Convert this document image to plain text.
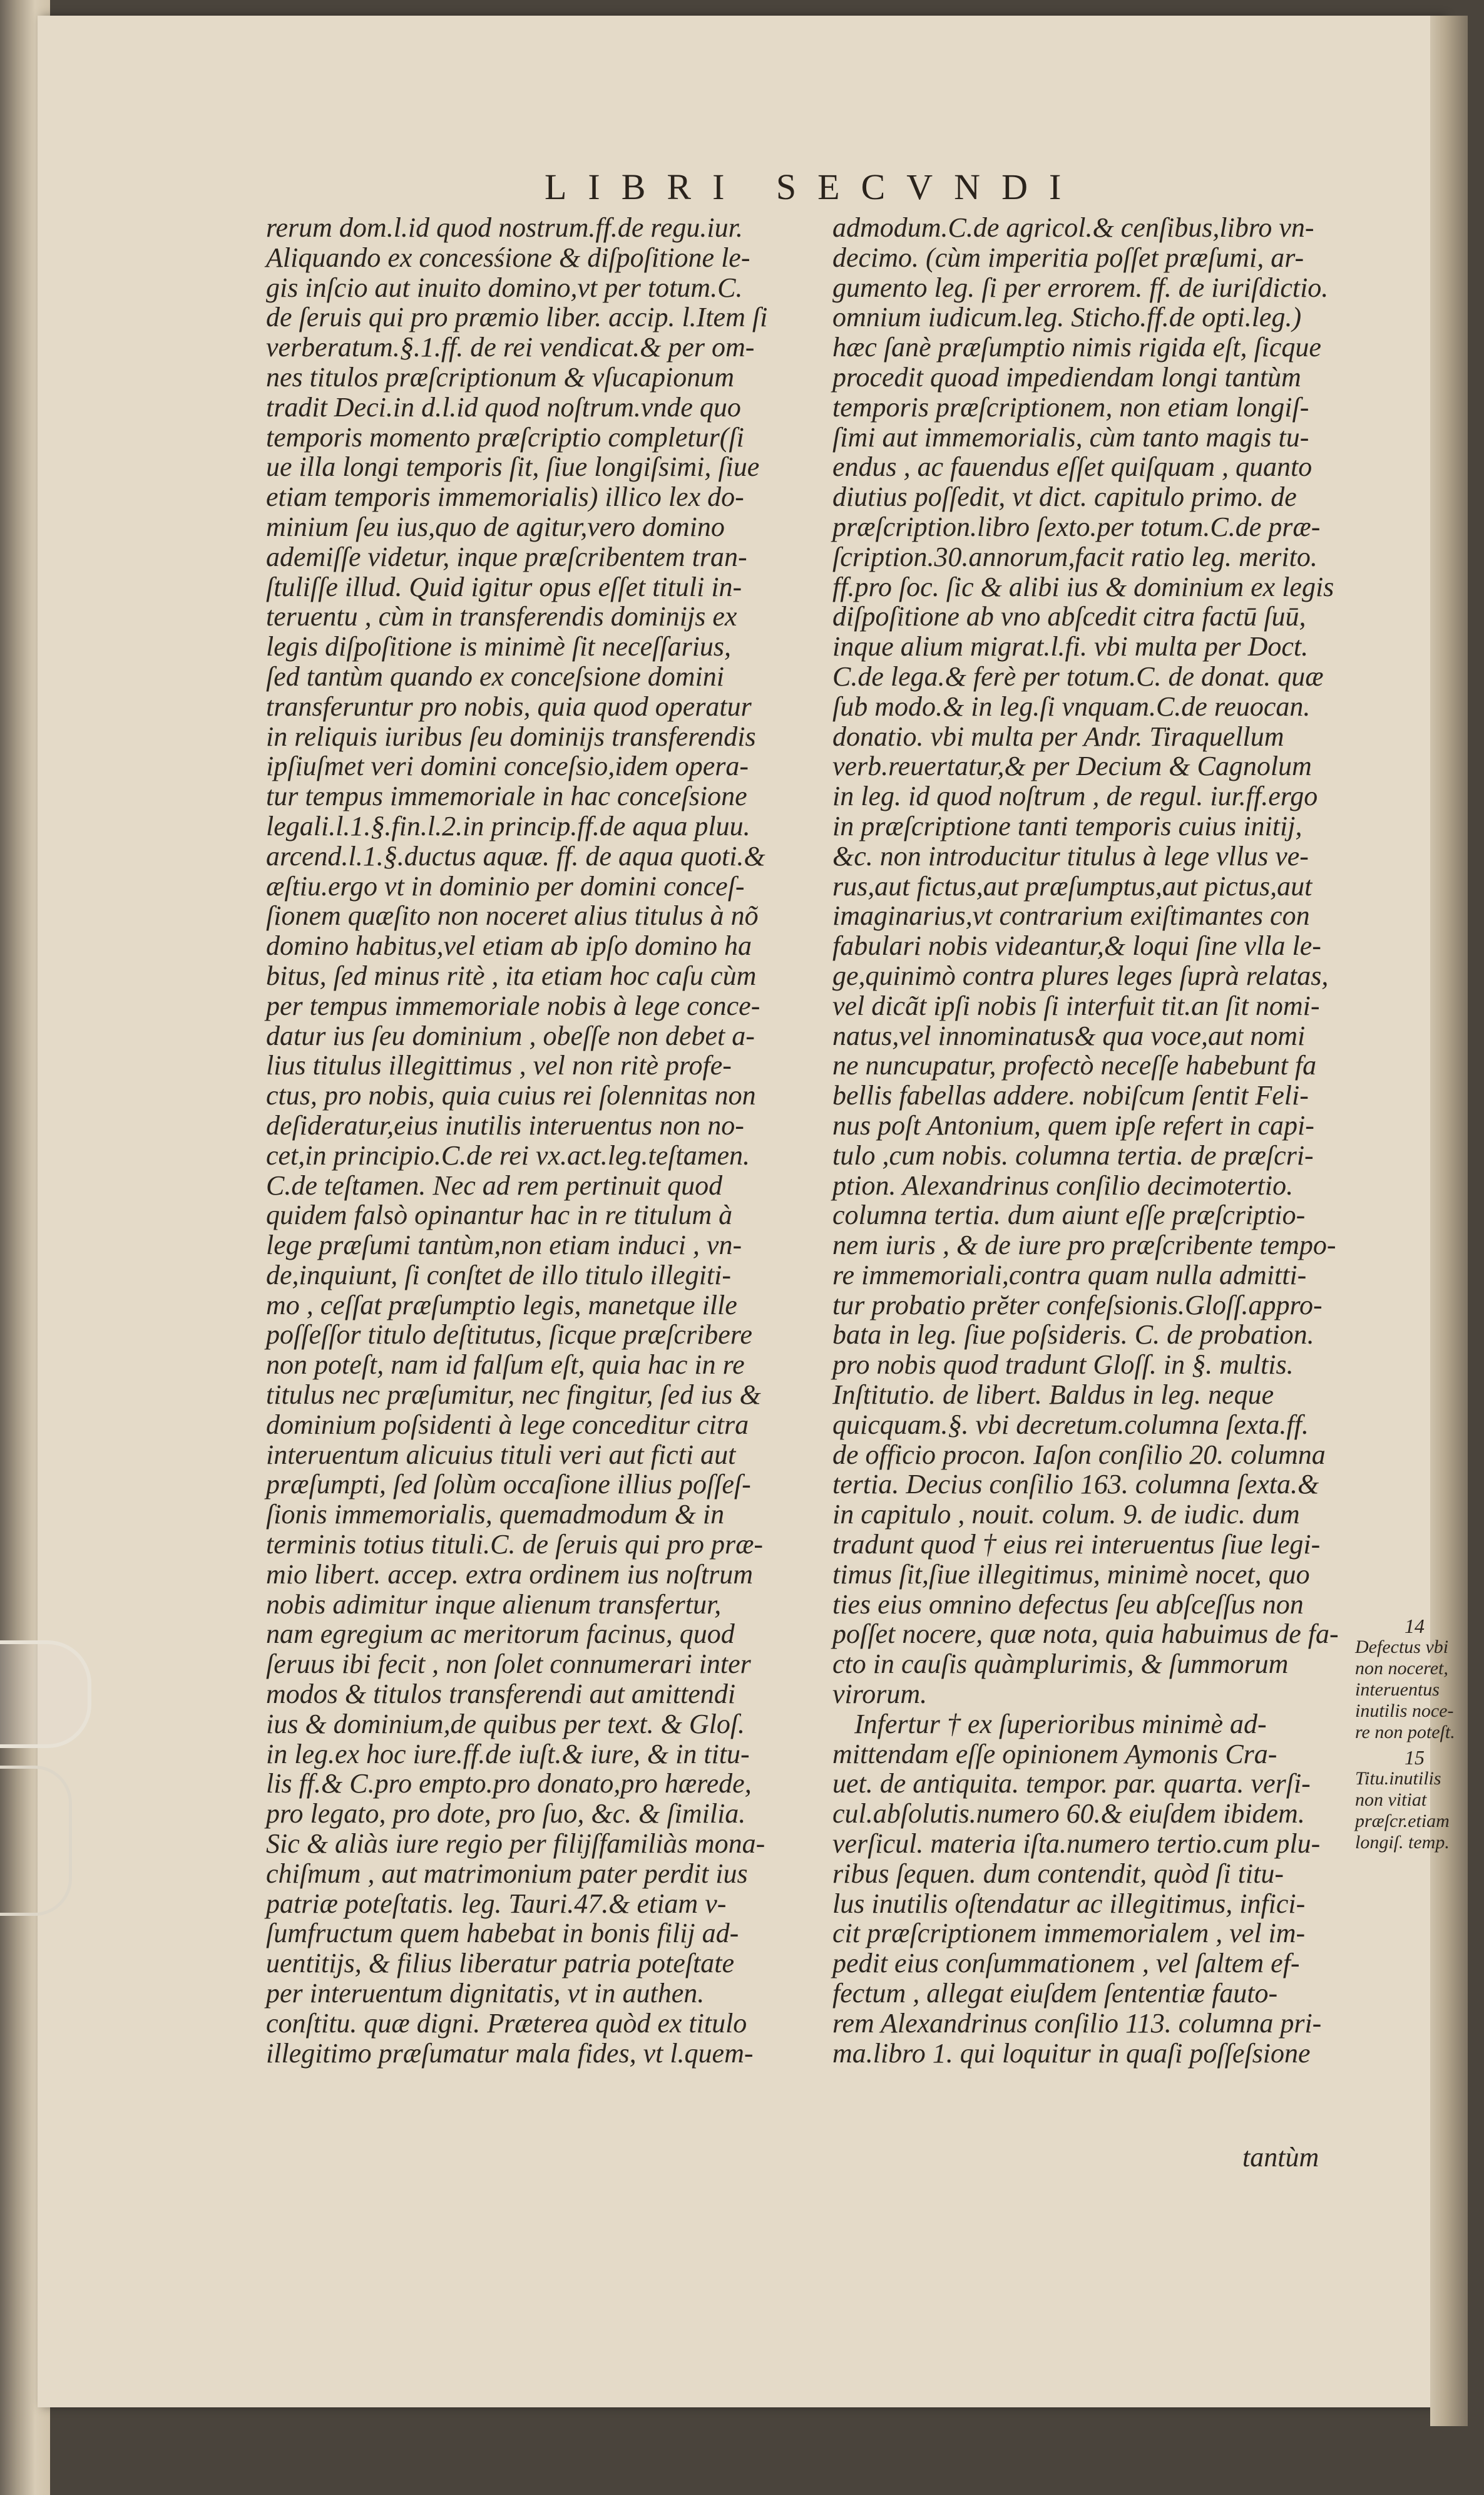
LIBRI SECVNDI
rerum dom.l.id quod nostrum.ff.de regu.iur.
Aliquando ex concesśione & diſpoſitione le-
gis inſcio aut inuito domino,vt per totum.C.
de ſeruis qui pro præmio liber. accip. l.Item ſi
verberatum.§.1.ff. de rei vendicat.& per om-
nes titulos præſcriptionum & vſucapionum
tradit Deci.in d.l.id quod noſtrum.vnde quo
temporis momento præſcriptio completur(ſi
ue illa longi temporis ſit, ſiue longiſsimi, ſiue
etiam temporis immemorialis) illico lex do-
minium ſeu ius,quo de agitur,vero domino
ademiſſe videtur, inque præſcribentem tran-
ſtuliſſe illud. Quid igitur opus eſſet tituli in-
teruentu , cùm in transferendis dominijs ex
legis diſpoſitione is minimè ſit neceſſarius,
ſed tantùm quando ex conceſsione domini
transferuntur pro nobis, quia quod operatur
in reliquis iuribus ſeu dominijs transferendis
ipſiuſmet veri domini conceſsio,idem opera-
tur tempus immemoriale in hac conceſsione
legali.l.1.§.fin.l.2.in princip.ff.de aqua pluu.
arcend.l.1.§.ductus aquæ. ff. de aqua quoti.&
æſtiu.ergo vt in dominio per domini conceſ-
ſionem quæſito non noceret alius titulus à nõ
domino habitus,vel etiam ab ipſo domino ha
bitus, ſed minus ritè , ita etiam hoc caſu cùm
per tempus immemoriale nobis à lege conce-
datur ius ſeu dominium , obeſſe non debet a-
lius titulus illegittimus , vel non ritè profe-
ctus, pro nobis, quia cuius rei ſolennitas non
deſideratur,eius inutilis interuentus non no-
cet,in principio.C.de rei vx.act.leg.teſtamen.
C.de teſtamen. Nec ad rem pertinuit quod
quidem falsò opinantur hac in re titulum à
lege præſumi tantùm,non etiam induci , vn-
de,inquiunt, ſi conſtet de illo titulo illegiti-
mo , ceſſat præſumptio legis, manetque ille
poſſeſſor titulo deſtitutus, ſicque præſcribere
non poteſt, nam id falſum eſt, quia hac in re
titulus nec præſumitur, nec fingitur, ſed ius &
dominium poſsidenti à lege conceditur citra
interuentum alicuius tituli veri aut ficti aut
præſumpti, ſed ſolùm occaſione illius poſſeſ-
ſionis immemorialis, quemadmodum & in
terminis totius tituli.C. de ſeruis qui pro præ-
mio libert. accep. extra ordinem ius noſtrum
nobis adimitur inque alienum transfertur,
nam egregium ac meritorum facinus, quod
ſeruus ibi fecit , non ſolet connumerari inter
modos & titulos transferendi aut amittendi
ius & dominium,de quibus per text. & Gloſ.
in leg.ex hoc iure.ff.de iuſt.& iure, & in titu-
lis ff.& C.pro empto.pro donato,pro hærede,
pro legato, pro dote, pro ſuo, &c. & ſimilia.
Sic & aliàs iure regio per filijſfamiliàs mona-
chiſmum , aut matrimonium pater perdit ius
patriæ poteſtatis. leg. Tauri.47.& etiam v-
ſumfructum quem habebat in bonis filij ad-
uentitijs, & filius liberatur patria poteſtate
per interuentum dignitatis, vt in authen.
conſtitu. quæ digni. Præterea quòd ex titulo
illegitimo præſumatur mala fides, vt l.quem-
admodum.C.de agricol.& cenſibus,libro vn-
decimo. (cùm imperitia poſſet præſumi, ar-
gumento leg. ſi per errorem. ff. de iuriſdictio.
omnium iudicum.leg. Sticho.ff.de opti.leg.)
hæc ſanè præſumptio nimis rigida eſt, ſicque
procedit quoad impediendam longi tantùm
temporis præſcriptionem, non etiam longiſ-
ſimi aut immemorialis, cùm tanto magis tu-
endus , ac fauendus eſſet quiſquam , quanto
diutius poſſedit, vt dict. capitulo primo. de
præſcription.libro ſexto.per totum.C.de præ-
ſcription.30.annorum,facit ratio leg. merito.
ff.pro ſoc. ſic & alibi ius & dominium ex legis
diſpoſitione ab vno abſcedit citra factū ſuū,
inque alium migrat.l.fi. vbi multa per Doct.
C.de lega.& ferè per totum.C. de donat. quæ
ſub modo.& in leg.ſi vnquam.C.de reuocan.
donatio. vbi multa per Andr. Tiraquellum
verb.reuertatur,& per Decium & Cagnolum
in leg. id quod noſtrum , de regul. iur.ff.ergo
in præſcriptione tanti temporis cuius initij,
&c. non introducitur titulus à lege vllus ve-
rus,aut fictus,aut præſumptus,aut pictus,aut
imaginarius,vt contrarium exiſtimantes con
fabulari nobis videantur,& loqui ſine vlla le-
ge,quinimò contra plures leges ſuprà relatas,
vel dicãt ipſi nobis ſi interfuit tit.an ſit nomi-
natus,vel innominatus& qua voce,aut nomi
ne nuncupatur, profectò neceſſe habebunt fa
bellis fabellas addere. nobiſcum ſentit Feli-
nus poſt Antonium, quem ipſe refert in capi-
tulo ,cum nobis. columna tertia. de præſcri-
ption. Alexandrinus conſilio decimotertio.
columna tertia. dum aiunt eſſe præſcriptio-
nem iuris , & de iure pro præſcribente tempo-
re immemoriali,contra quam nulla admitti-
tur probatio prĕter confeſsionis.Gloſſ.appro-
bata in leg. ſiue poſsideris. C. de probation.
pro nobis quod tradunt Gloſſ. in §. multis.
Inſtitutio. de libert. Baldus in leg. neque
quicquam.§. vbi decretum.columna ſexta.ff.
de officio procon. Iaſon conſilio 20. columna
tertia. Decius conſilio 163. columna ſexta.&
in capitulo , nouit. colum. 9. de iudic. dum
tradunt quod † eius rei interuentus ſiue legi-
timus ſit,ſiue illegitimus, minimè nocet, quo
ties eius omnino defectus ſeu abſceſſus non
poſſet nocere, quæ nota, quia habuimus de fa-
cto in cauſis quàmplurimis, & ſummorum
virorum.
Infertur † ex ſuperioribus minimè ad-
mittendam eſſe opinionem Aymonis Cra-
uet. de antiquita. tempor. par. quarta. verſi-
cul.abſolutis.numero 60.& eiuſdem ibidem.
verſicul. materia iſta.numero tertio.cum plu-
ribus ſequen. dum contendit, quòd ſi titu-
lus inutilis oſtendatur ac illegitimus, infici-
cit præſcriptionem immemorialem , vel im-
pedit eius conſummationem , vel ſaltem ef-
fectum , allegat eiuſdem ſententiæ fauto-
rem Alexandrinus conſilio 113. columna pri-
ma.libro 1. qui loquitur in quaſi poſſeſsione
tantùm
14
Defectus vbi
non noceret,
interuentus
inutilis noce-
re non poteſt.
15
Titu.inutilis
non vitiat
præſcr.etiam
longiſ. temp.
